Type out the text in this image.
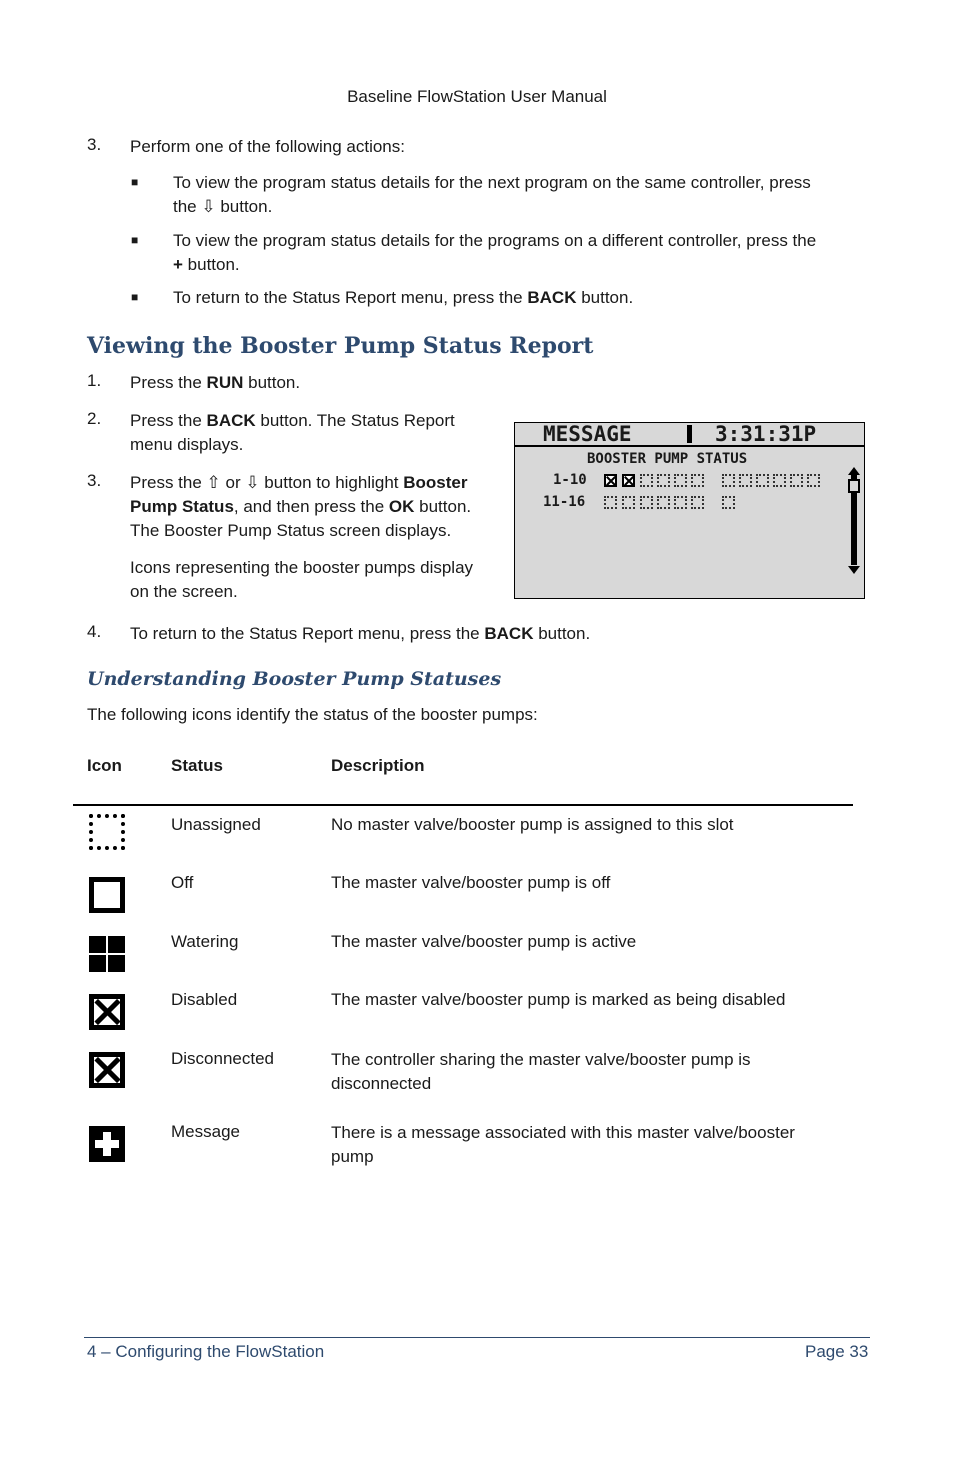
Baseline FlowStation User Manual
3. Perform one of the following actions:
■ To view the program status details for the next program on the same controller, press
the ⇩ button.
■ To view the program status details for the programs on a different controller, press the
+ button.
■ To return to the Status Report menu, press the BACK button.
Viewing the Booster Pump Status Report
1. Press the RUN button.
2. Press the BACK button. The Status Report
menu displays.
3. Press the ⇧ or ⇩ button to highlight Booster
Pump Status, and then press the OK button.
The Booster Pump Status screen displays.
Icons representing the booster pumps display
on the screen.
MESSAGE	3:31:31P
BOOSTER PUMP STATUS
1-10
11-16
4. To return to the Status Report menu, press the BACK button.
Understanding Booster Pump Statuses
The following icons identify the status of the booster pumps:
Icon	Status	Description
Unassigned	No master valve/booster pump is assigned to this slot
Off	The master valve/booster pump is off
Watering	The master valve/booster pump is active
Disabled	The master valve/booster pump is marked as being disabled
Disconnected	The controller sharing the master valve/booster pump is
disconnected
Message	There is a message associated with this master valve/booster
pump
4 – Configuring the FlowStation	Page 33
